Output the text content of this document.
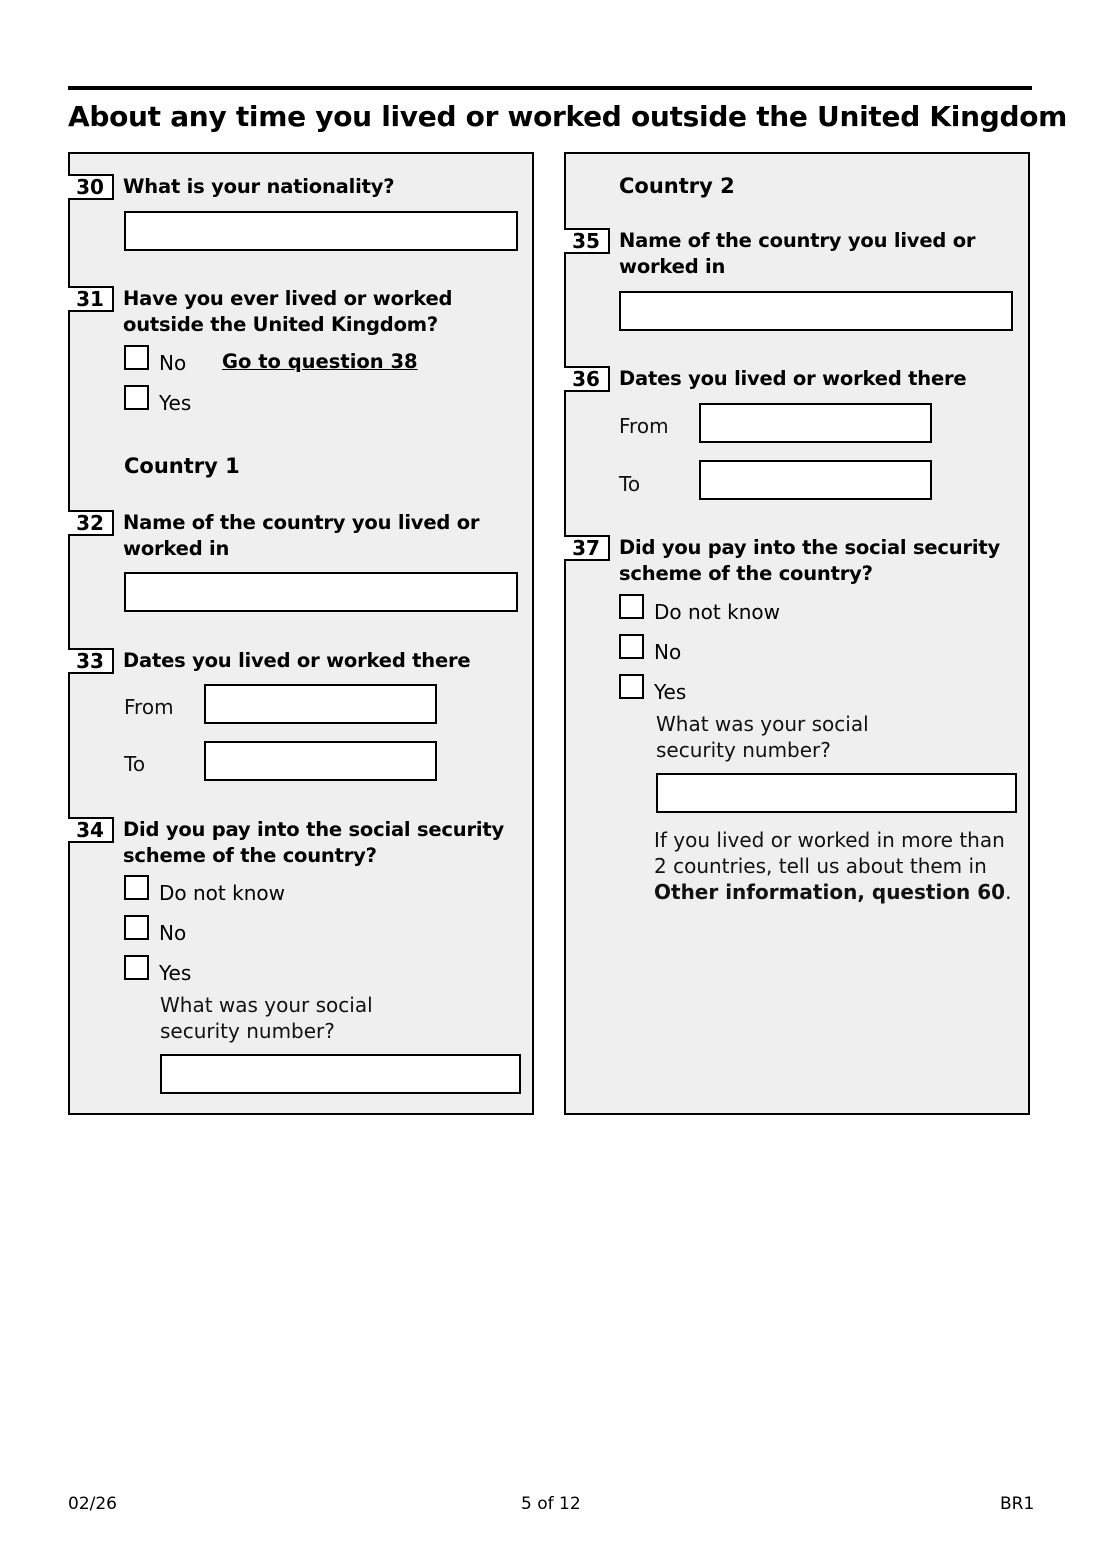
About any time you lived or worked outside the United Kingdom
30 What is your nationality?
31 Have you ever lived or worked outside the United Kingdom?
No Go to question 38
Yes
Country 1
32 Name of the country you lived or worked in
33 Dates you lived or worked there
From
To
34 Did you pay into the social security scheme of the country?
Do not know
No
Yes
What was your social security number?
Country 2
35 Name of the country you lived or worked in
36 Dates you lived or worked there
From
To
37 Did you pay into the social security scheme of the country?
Do not know
No
Yes
What was your social security number?
If you lived or worked in more than 2 countries, tell us about them in Other information, question 60.
02/26	5 of 12	BR1
